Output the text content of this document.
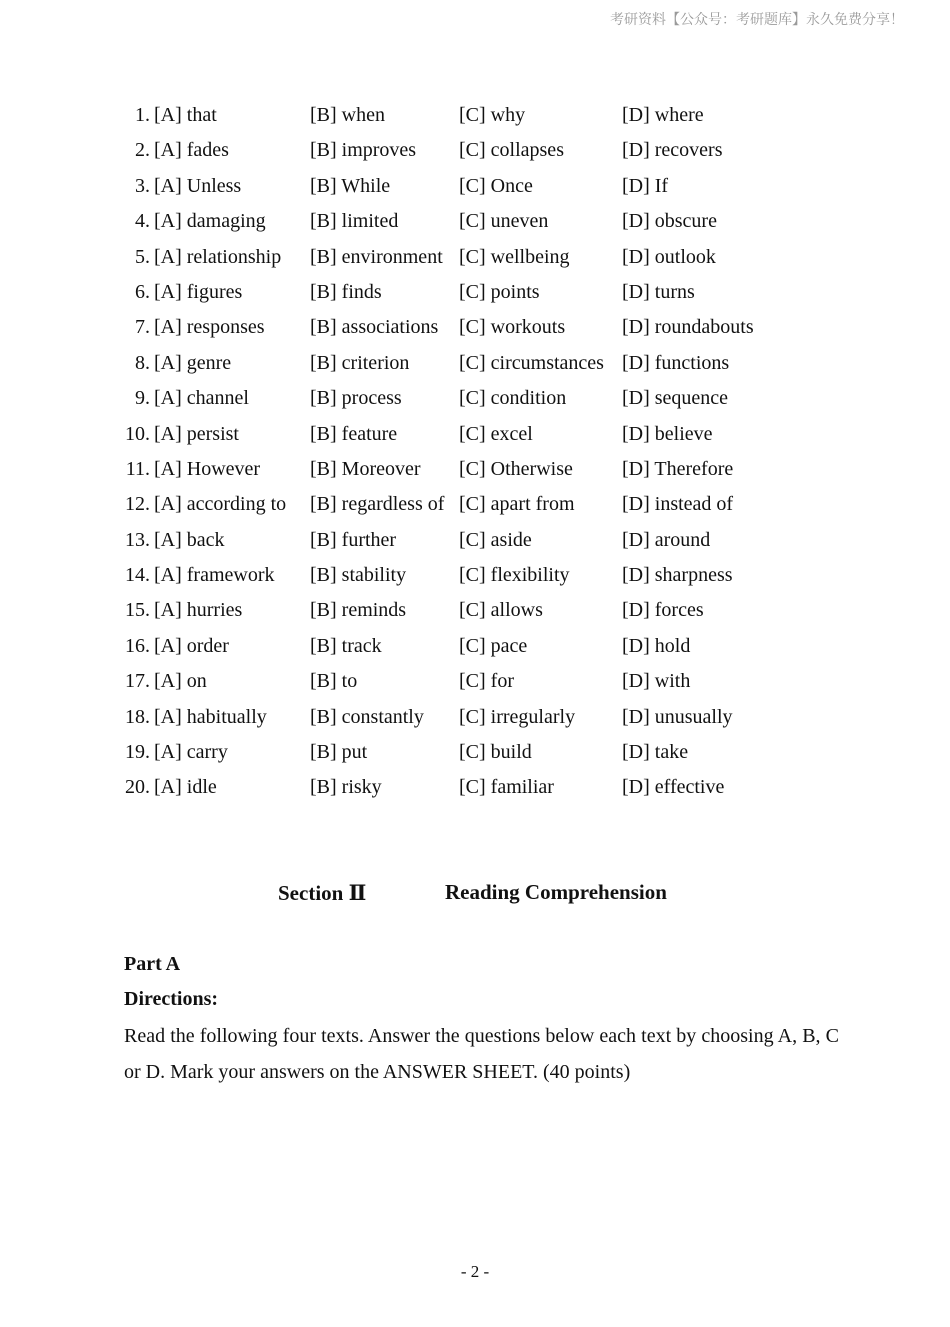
考研资料【公众号：考研题库】永久免费分享！
1. [A] that	[B] when	[C] why	[D] where
2. [A] fades	[B] improves [C] collapses	[D] recovers
3. [A] Unless	[B] While	[C] Once	[D] If
4. [A] damaging [B] limited	[C] uneven	[D] obscure
5. [A] relationship [B] environment [C] wellbeing	[D] outlook
6. [A] figures	[B] finds	[C] points	[D] turns
7. [A] responses [B] associations [C] workouts	[D] roundabouts
8. [A] genre	[B] criterion [C] circumstances [D] functions
9. [A] channel	[B] process	[C] condition	[D] sequence
10. [A] persist	[B] feature	[C] excel	[D] believe
11. [A] However [B] Moreover [C] Otherwise [D] Therefore
12. [A] according to [B] regardless of [C] apart from [D] instead of
13. [A] back	[B] further	[C] aside	[D] around
14. [A] framework [B] stability	[C] flexibility	[D] sharpness
15. [A] hurries	[B] reminds	[C] allows	[D] forces
16. [A] order	[B] track	[C] pace	[D] hold
17. [A] on	[B] to	[C] for	[D] with
18. [A] habitually [B] constantly [C] irregularly [D] unusually
19. [A] carry	[B] put	[C] build	[D] take
20. [A] idle	[B] risky	[C] familiar	[D] effective
Section Ⅱ	Reading Comprehension
Part A
Directions:
Read the following four texts. Answer the questions below each text by choosing A, B, C or D. Mark your answers on the ANSWER SHEET. (40 points)
- 2 -
